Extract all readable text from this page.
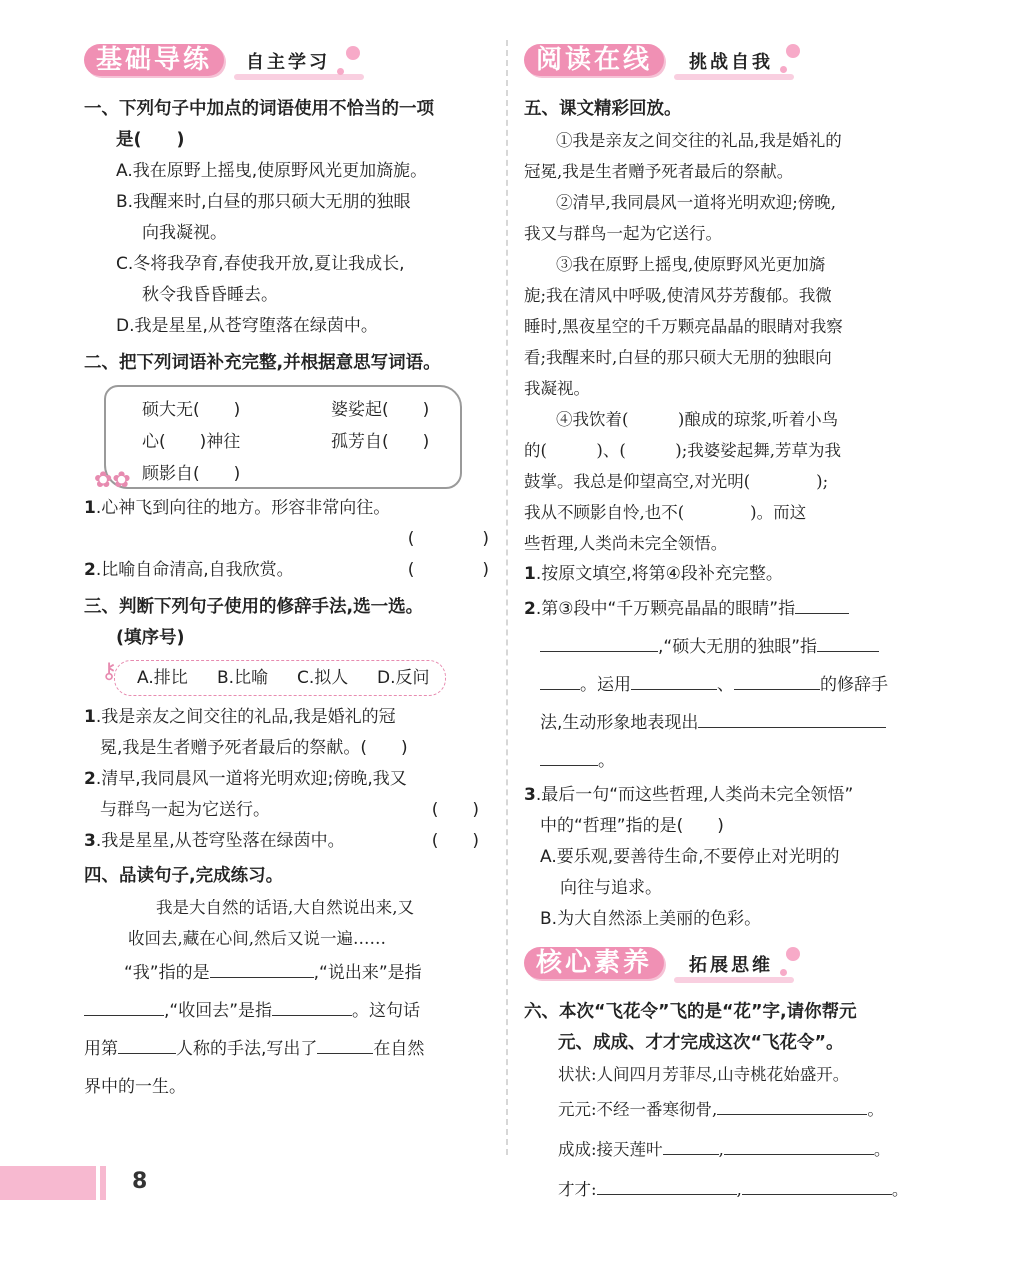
基础导练	自主学习
一、下列句子中加点的词语使用不恰当的一项
是(　　)
A.我在原野上摇曳,使原野风光更加旖旎。
B.我醒来时,白昼的那只硕大无朋的独眼
向我凝视。
C.冬将我孕育,春使我开放,夏让我成长,
秋令我昏昏睡去。
D.我是星星,从苍穹堕落在绿茵中。
二、把下列词语补充完整,并根据意思写词语。
硕大无(　　)	婆娑起(　　)
心(　　)神往	孤芳自(　　)
顾影自(　　)
✿✿
1.心神飞到向往的地方。形容非常向往。
(　　　　)
2.比喻自命清高,自我欣赏。	(　　　　)
三、判断下列句子使用的修辞手法,选一选。
(填序号)
⚷ A.排比 B.比喻 C.拟人 D.反问
1.我是亲友之间交往的礼品,我是婚礼的冠
冕,我是生者赠予死者最后的祭献。(　　)
2.清早,我同晨风一道将光明欢迎;傍晚,我又
与群鸟一起为它送行。	(　　)
3.我是星星,从苍穹坠落在绿茵中。	(　　)
四、品读句子,完成练习。
我是大自然的话语,大自然说出来,又
收回去,藏在心间,然后又说一遍……
“我”指的是	,“说出来”是指
,“收回去”是指	。这句话
用第	人称的手法,写出了	在自然
界中的一生。
阅读在线	挑战自我
五、课文精彩回放。
①我是亲友之间交往的礼品,我是婚礼的
冠冕,我是生者赠予死者最后的祭献。
②清早,我同晨风一道将光明欢迎;傍晚,
我又与群鸟一起为它送行。
③我在原野上摇曳,使原野风光更加旖
旎;我在清风中呼吸,使清风芬芳馥郁。我微
睡时,黑夜星空的千万颗亮晶晶的眼睛对我察
看;我醒来时,白昼的那只硕大无朋的独眼向
我凝视。
④我饮着(　　　)酿成的琼浆,听着小鸟
的(　　　)、(　　　);我婆娑起舞,芳草为我
鼓掌。我总是仰望高空,对光明(　　　　);
我从不顾影自怜,也不(　　　　)。而这
些哲理,人类尚未完全领悟。
1.按原文填空,将第④段补充完整。
2.第③段中“千万颗亮晶晶的眼睛”指
,“硕大无朋的独眼”指
。运用	、	的修辞手
法,生动形象地表现出
。
3.最后一句“而这些哲理,人类尚未完全领悟”
中的“哲理”指的是(　　)
A.要乐观,要善待生命,不要停止对光明的
向往与追求。
B.为大自然添上美丽的色彩。
核心素养	拓展思维
六、本次“飞花令”飞的是“花”字,请你帮元
元、成成、才才完成这次“飞花令”。
状状:人间四月芳菲尽,山寺桃花始盛开。
元元:不经一番寒彻骨,	。
成成:接天莲叶	,	。
才才:	,	。
8
